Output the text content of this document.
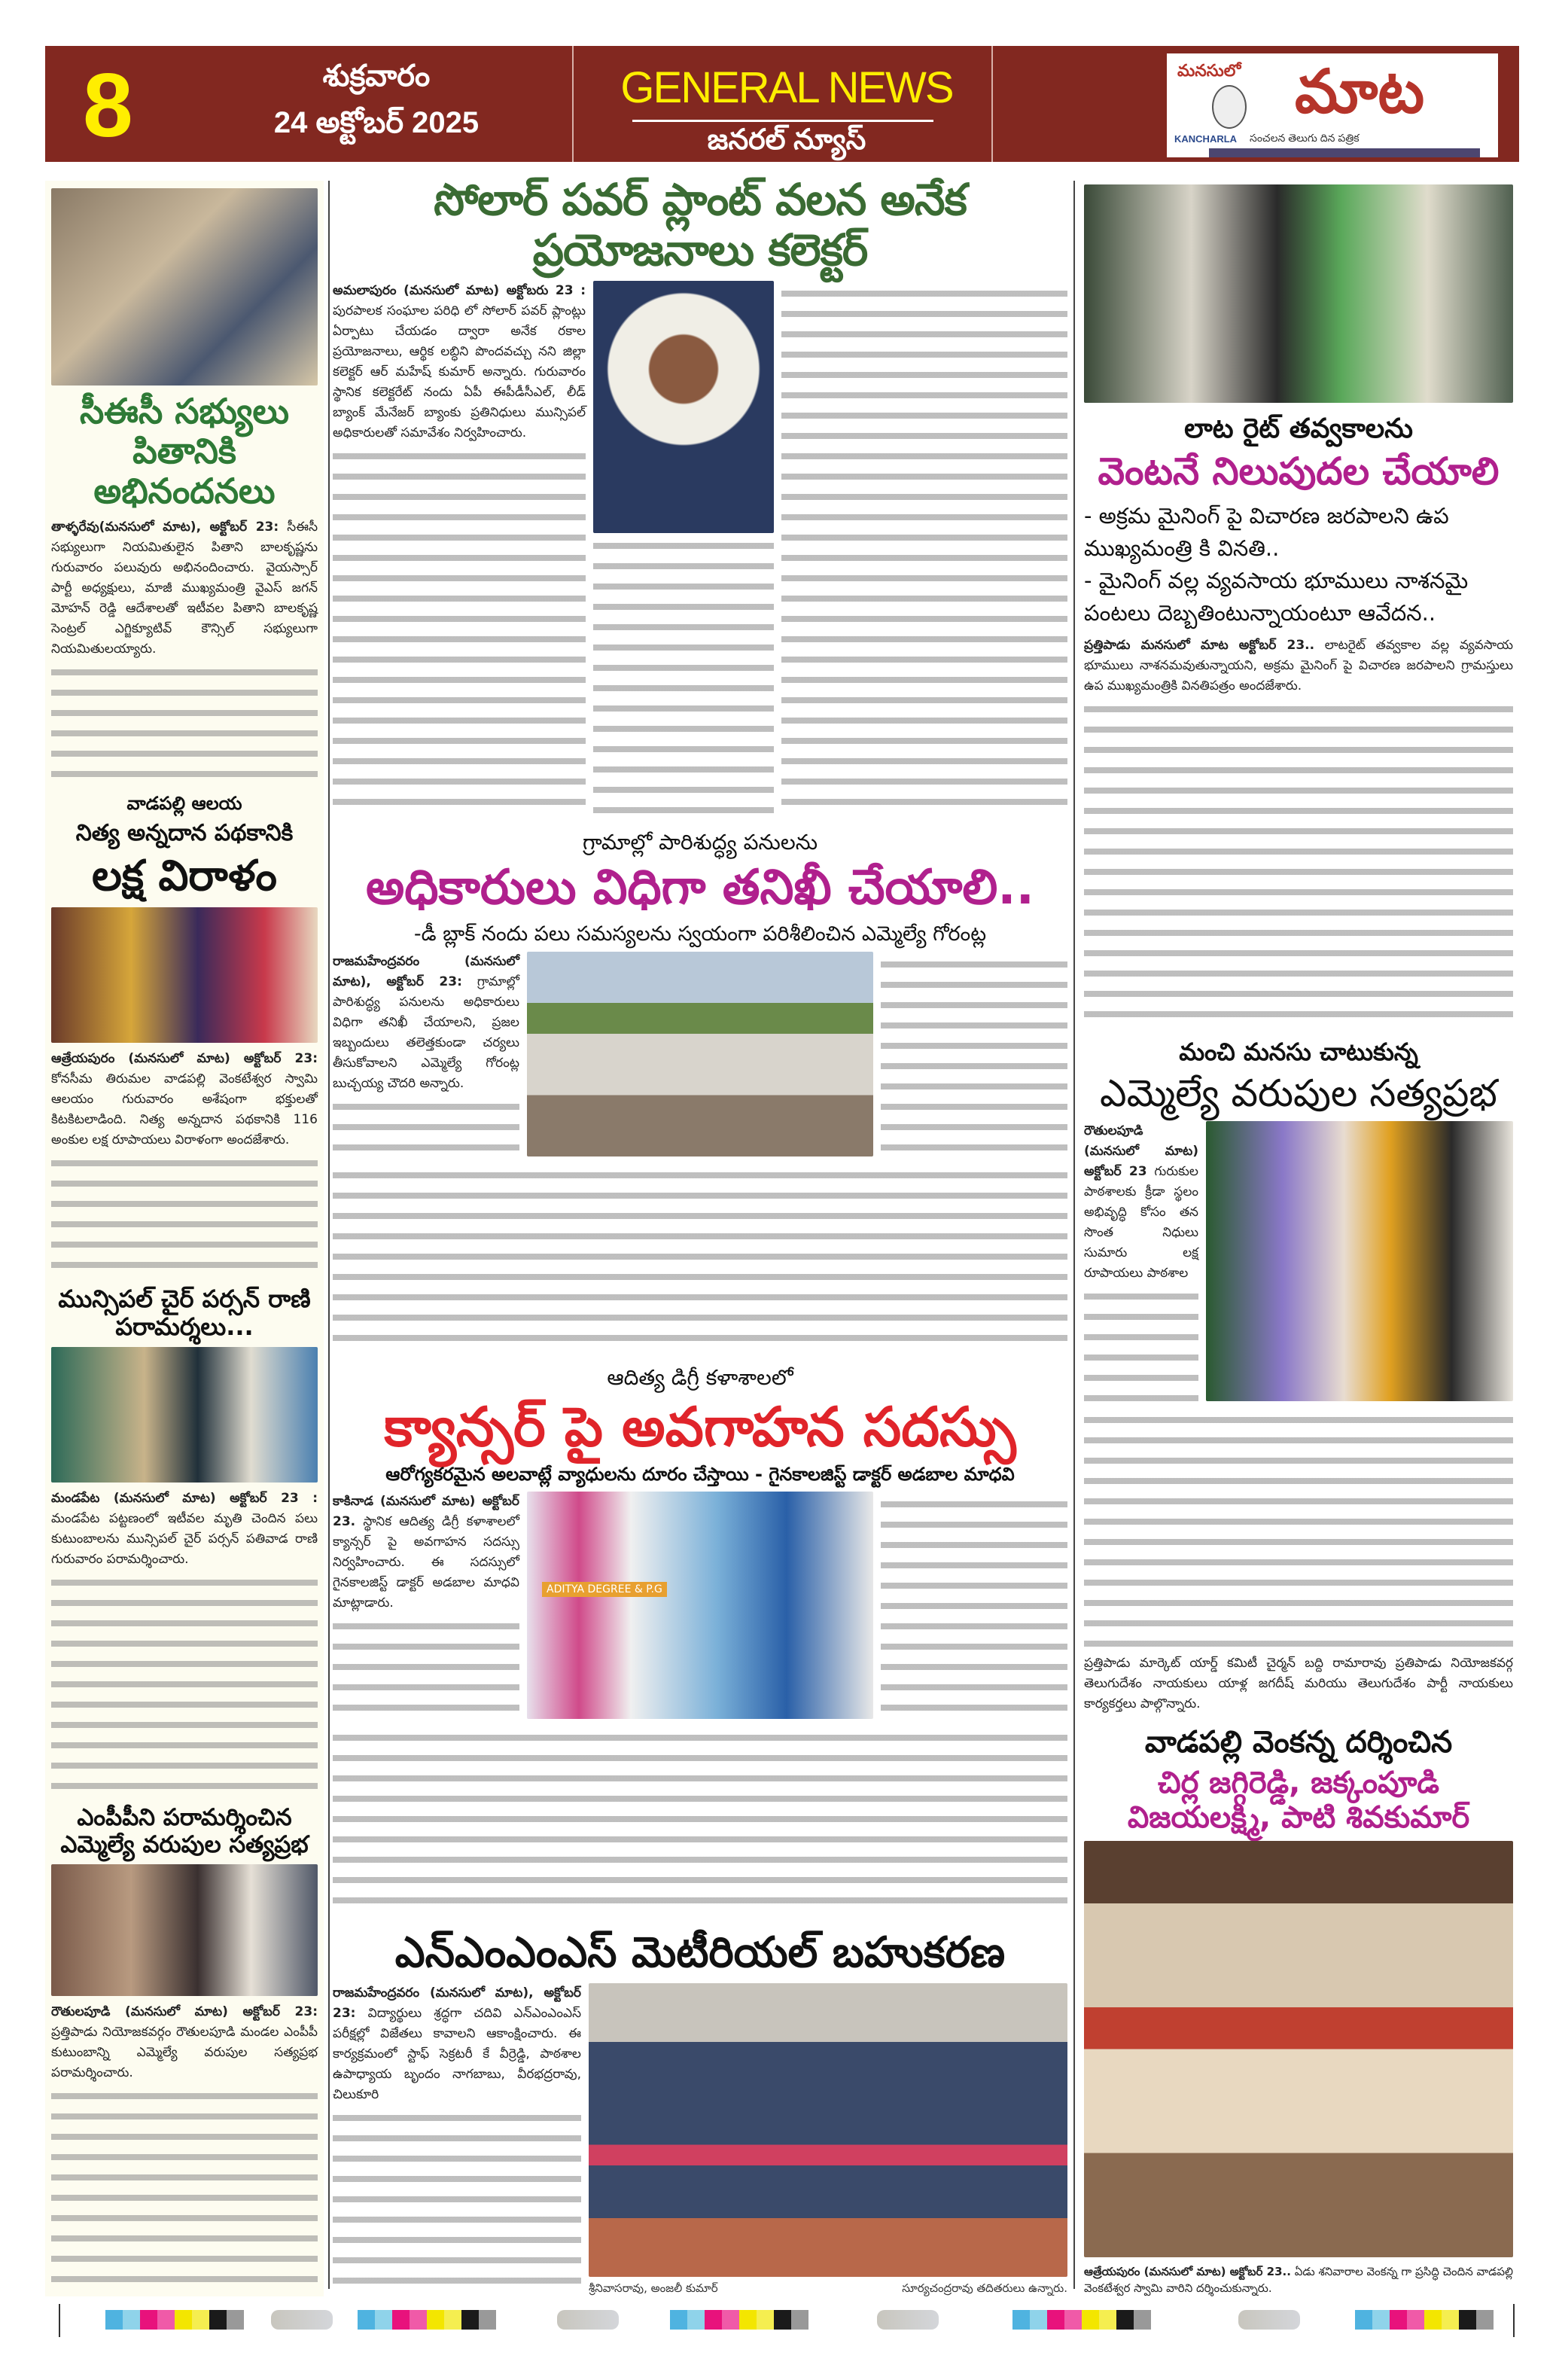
8	శుక్రవారం
24 అక్టోబర్ 2025
GENERAL NEWS
జనరల్ న్యూస్
మనసులో మాట
KANCHARLA సంచలన తెలుగు దిన పత్రిక
సీఈసీ సభ్యులు పితానికి అభినందనలు

తాళ్ళరేవు(మనసులో మాట), అక్టోబర్ 23: సీఈసీ సభ్యులుగా నియమితులైన పితాని బాలకృష్ణను గురువారం పలువురు అభినందించారు. వైయస్సార్ పార్టీ అధ్యక్షులు, మాజీ ముఖ్యమంత్రి వైఎస్ జగన్ మోహన్ రెడ్డి ఆదేశాలతో ఇటీవల పితాని బాలకృష్ణ సెంట్రల్ ఎగ్జిక్యూటివ్ కౌన్సిల్ సభ్యులుగా నియమితులయ్యారు.

వాడపల్లి ఆలయ
నిత్య అన్నదాన పథకానికి
లక్ష విరాళం

ఆత్రేయపురం (మనసులో మాట) అక్టోబర్ 23: కోనసీమ తిరుమల వాడపల్లి వెంకటేశ్వర స్వామి ఆలయం గురువారం అశేషంగా భక్తులతో కిటకిటలాడింది. నిత్య అన్నదాన పథకానికి 116 అంకుల లక్ష రూపాయలు విరాళంగా అందజేశారు.

మున్సిపల్ చైర్ పర్సన్ రాణి పరామర్శలు...

మండపేట (మనసులో మాట) అక్టోబర్ 23 : మండపేట పట్టణంలో ఇటీవల మృతి చెందిన పలు కుటుంబాలను మున్సిపల్ చైర్ పర్సన్ పతివాడ రాణి గురువారం పరామర్శించారు.

ఎంపీపీని పరామర్శించిన ఎమ్మెల్యే వరుపుల సత్యప్రభ

రౌతులపూడి (మనసులో మాట) అక్టోబర్ 23: ప్రత్తిపాడు నియోజకవర్గం రౌతులపూడి మండల ఎంపీపీ కుటుంబాన్ని ఎమ్మెల్యే వరుపుల సత్యప్రభ పరామర్శించారు.

సోలార్ పవర్ ప్లాంట్ వలన అనేక ప్రయోజనాలు కలెక్టర్

అమలాపురం (మనసులో మాట) అక్టోబరు 23 : పురపాలక సంఘాల పరిధి లో సోలార్ పవర్ ప్లాంట్లు ఏర్పాటు చేయడం ద్వారా అనేక రకాల ప్రయోజనాలు, ఆర్థిక లబ్ధిని పొందవచ్చు నని జిల్లా కలెక్టర్ ఆర్ మహేష్ కుమార్ అన్నారు. గురువారం స్థానిక కలెక్టరేట్ నందు ఏపీ ఈపీడీసీఎల్, లీడ్ బ్యాంక్ మేనేజర్ బ్యాంకు ప్రతినిధులు మున్సిపల్ అధికారులతో సమావేశం నిర్వహించారు.

గ్రామాల్లో పారిశుద్ధ్య పనులను
అధికారులు విధిగా తనిఖీ చేయాలి..
-డీ బ్లాక్ నందు పలు సమస్యలను స్వయంగా పరిశీలించిన ఎమ్మెల్యే గోరంట్ల

రాజమహేంద్రవరం (మనసులో మాట), అక్టోబర్ 23: గ్రామాల్లో పారిశుద్ధ్య పనులను అధికారులు విధిగా తనిఖీ చేయాలని, ప్రజల ఇబ్బందులు తలెత్తకుండా చర్యలు తీసుకోవాలని ఎమ్మెల్యే గోరంట్ల బుచ్చయ్య చౌదరి అన్నారు.

ఆదిత్య డిగ్రీ కళాశాలలో
క్యాన్సర్ పై అవగాహన సదస్సు
ఆరోగ్యకరమైన అలవాట్లే వ్యాధులను దూరం చేస్తాయి - గైనకాలజిస్ట్ డాక్టర్ అడబాల మాధవి

కాకినాడ (మనసులో మాట) అక్టోబర్ 23. స్థానిక ఆదిత్య డిగ్రీ కళాశాలలో క్యాన్సర్ పై అవగాహన సదస్సు నిర్వహించారు. ఈ సదస్సులో గైనకాలజిస్ట్ డాక్టర్ అడబాల మాధవి మాట్లాడారు.

ADITYA DEGREE & P.G
ఎన్ఎంఎంఎస్ మెటీరియల్ బహుకరణ

రాజమహేంద్రవరం (మనసులో మాట), అక్టోబర్ 23: విద్యార్థులు శ్రద్ధగా చదివి ఎన్ఎంఎంఎస్ పరీక్షల్లో విజేతలు కావాలని ఆకాంక్షించారు. ఈ కార్యక్రమంలో స్టాఫ్ సెక్రటరీ కే వీర్రెడ్డి, పాఠశాల ఉపాధ్యాయ బృందం నాగబాబు, వీరభద్రరావు, చిలుకూరి

శ్రీనివాసరావు, అంజలీ కుమార్	సూర్యచంద్రరావు తదితరులు ఉన్నారు.
లాట రైట్ తవ్వకాలను
వెంటనే నిలుపుదల చేయాలి
- అక్రమ మైనింగ్ పై విచారణ జరపాలని ఉప ముఖ్యమంత్రి కి వినతి..
- మైనింగ్ వల్ల వ్యవసాయ భూములు నాశనమై పంటలు దెబ్బతింటున్నాయంటూ ఆవేదన..

ప్రత్తిపాడు మనసులో మాట అక్టోబర్ 23.. లాటరైట్ తవ్వకాల వల్ల వ్యవసాయ భూములు నాశనమవుతున్నాయని, అక్రమ మైనింగ్ పై విచారణ జరపాలని గ్రామస్తులు ఉప ముఖ్యమంత్రికి వినతిపత్రం అందజేశారు.

మంచి మనసు చాటుకున్న
ఎమ్మెల్యే వరుపుల సత్యప్రభ

రౌతులపూడి (మనసులో మాట) అక్టోబర్ 23 గురుకుల పాఠశాలకు క్రీడా స్థలం అభివృద్ధి కోసం తన సొంత నిధులు సుమారు లక్ష రూపాయలు పాఠశాల

ప్రత్తిపాడు మార్కెట్ యార్డ్ కమిటీ చైర్మన్ బద్ది రామారావు ప్రతిపాడు నియోజకవర్గ తెలుగుదేశం నాయకులు యాళ్ల జగదీష్ మరియు తెలుగుదేశం పార్టీ నాయకులు కార్యకర్తలు పాల్గొన్నారు.

వాడపల్లి వెంకన్న దర్శించిన
చిర్ల జగ్గిరెడ్డి, జక్కంపూడి విజయలక్ష్మి, పాటి శివకుమార్

ఆత్రేయపురం (మనసులో మాట) అక్టోబర్ 23.. ఏడు శనివారాల వెంకన్న గా ప్రసిద్ధి చెందిన వాడపల్లి వెంకటేశ్వర స్వామి వారిని దర్శించుకున్నారు.
